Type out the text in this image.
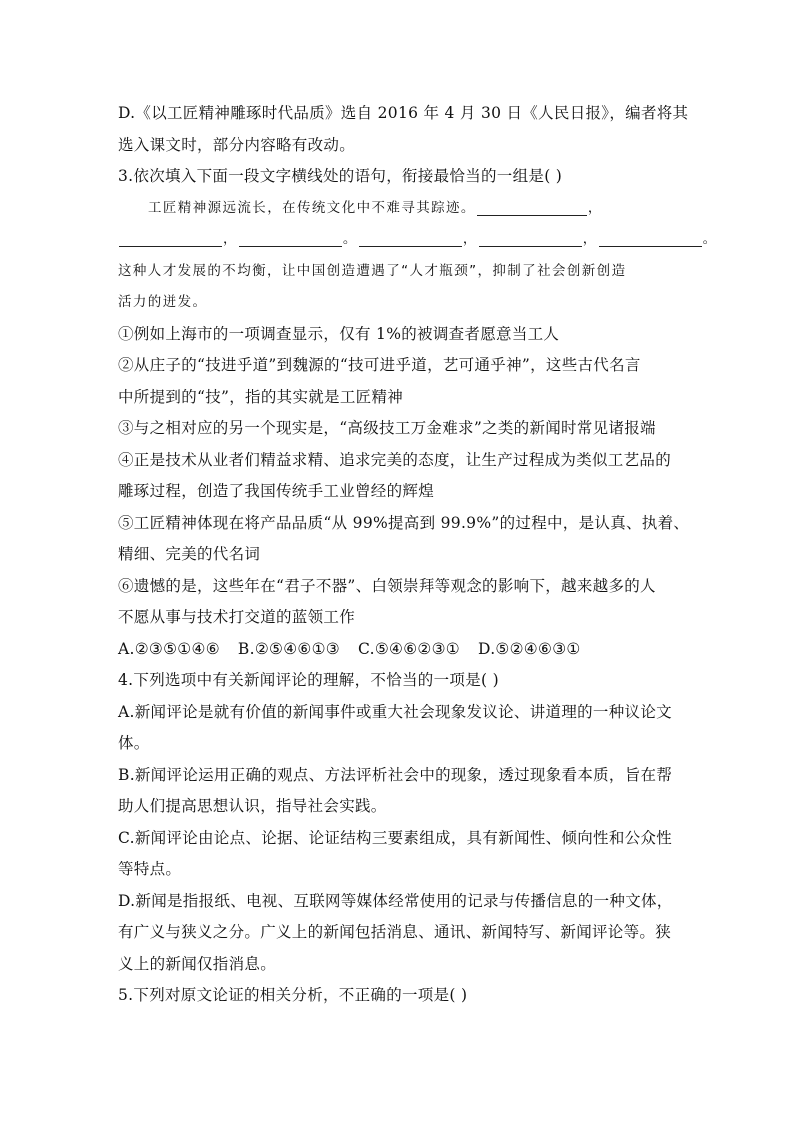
D.《以工匠精神雕琢时代品质》选自 2016 年 4 月 30 日《人民日报》，编者将其
选入课文时，部分内容略有改动。
3.依次填入下面一段文字横线处的语句，衔接最恰当的一组是( )
工匠精神源远流长，在传统文化中不难寻其踪迹。	，
，	。	，	，	。
这种人才发展的不均衡，让中国创造遭遇了“人才瓶颈”，抑制了社会创新创造
活力的迸发。
①例如上海市的一项调查显示，仅有 1%的被调查者愿意当工人
②从庄子的“技进乎道”到魏源的“技可进乎道，艺可通乎神”，这些古代名言
中所提到的“技”，指的其实就是工匠精神
③与之相对应的另一个现实是，“高级技工万金难求”之类的新闻时常见诸报端
④正是技术从业者们精益求精、追求完美的态度，让生产过程成为类似工艺品的
雕琢过程，创造了我国传统手工业曾经的辉煌
⑤工匠精神体现在将产品品质“从 99%提高到 99.9%”的过程中，是认真、执着、
精细、完美的代名词
⑥遗憾的是，这些年在“君子不器”、白领崇拜等观念的影响下，越来越多的人
不愿从事与技术打交道的蓝领工作
A.②③⑤①④⑥ B.②⑤④⑥①③ C.⑤④⑥②③① D.⑤②④⑥③①
4.下列选项中有关新闻评论的理解，不恰当的一项是( )
A.新闻评论是就有价值的新闻事件或重大社会现象发议论、讲道理的一种议论文
体。
B.新闻评论运用正确的观点、方法评析社会中的现象，透过现象看本质，旨在帮
助人们提高思想认识，指导社会实践。
C.新闻评论由论点、论据、论证结构三要素组成，具有新闻性、倾向性和公众性
等特点。
D.新闻是指报纸、电视、互联网等媒体经常使用的记录与传播信息的一种文体，
有广义与狭义之分。广义上的新闻包括消息、通讯、新闻特写、新闻评论等。狭
义上的新闻仅指消息。
5.下列对原文论证的相关分析，不正确的一项是( )
